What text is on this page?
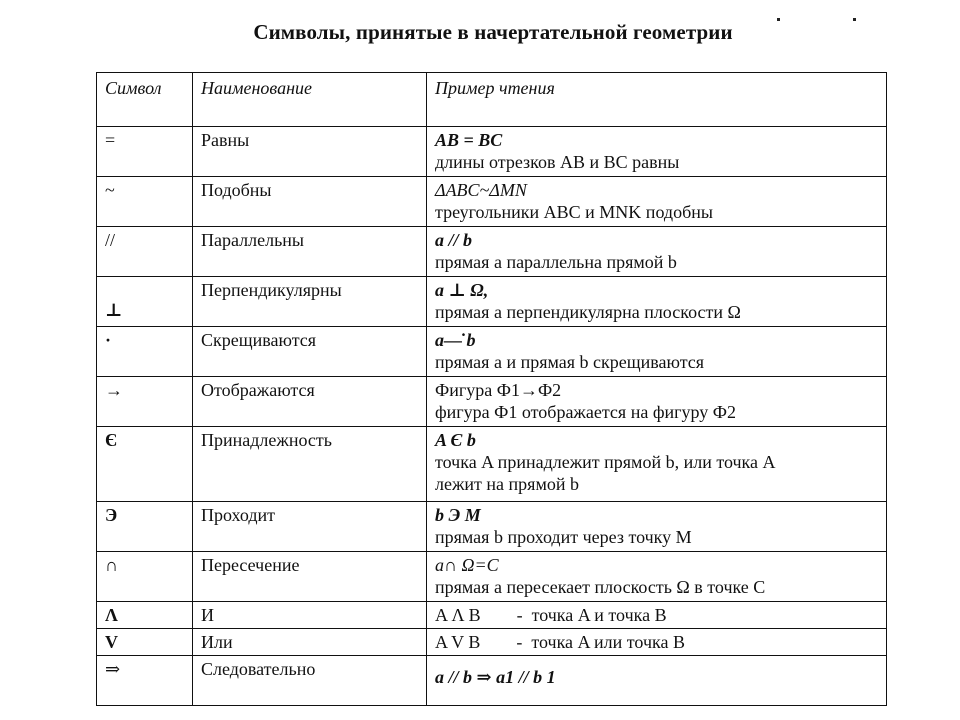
Символы, принятые в начертательной геометрии
Символ	Наименование	Пример чтения
=	Равны	AB = BC
длины отрезков AB и BC равны

~	Подобны	ΔABC~ΔMN
треугольники ABC и MNK подобны

//	Параллельны	a // b
прямая a параллельна прямой b

⊥	Перпендикулярны	a ⊥ Ω,
прямая a перпендикулярна плоскости Ω

·	Скрещиваются	a—̇ b
прямая a и прямая b скрещиваются

→	Отображаются	Фигура Ф1→Ф2
фигура Ф1 отображается на фигуру Ф2

Є	Принадлежность	A Є b
точка A принадлежит прямой b, или точка A
лежит на прямой b

Э	Проходит	b Э M
прямая b проходит через точку M

∩	Пересечение	a∩ Ω=C
прямая a пересекает плоскость Ω в точке C

Λ	И	A Λ B        -  точка A и точка B

V	Или	A V B        -  точка A или точка B

⇒	Следовательно	a // b ⇒ a1 // b 1
